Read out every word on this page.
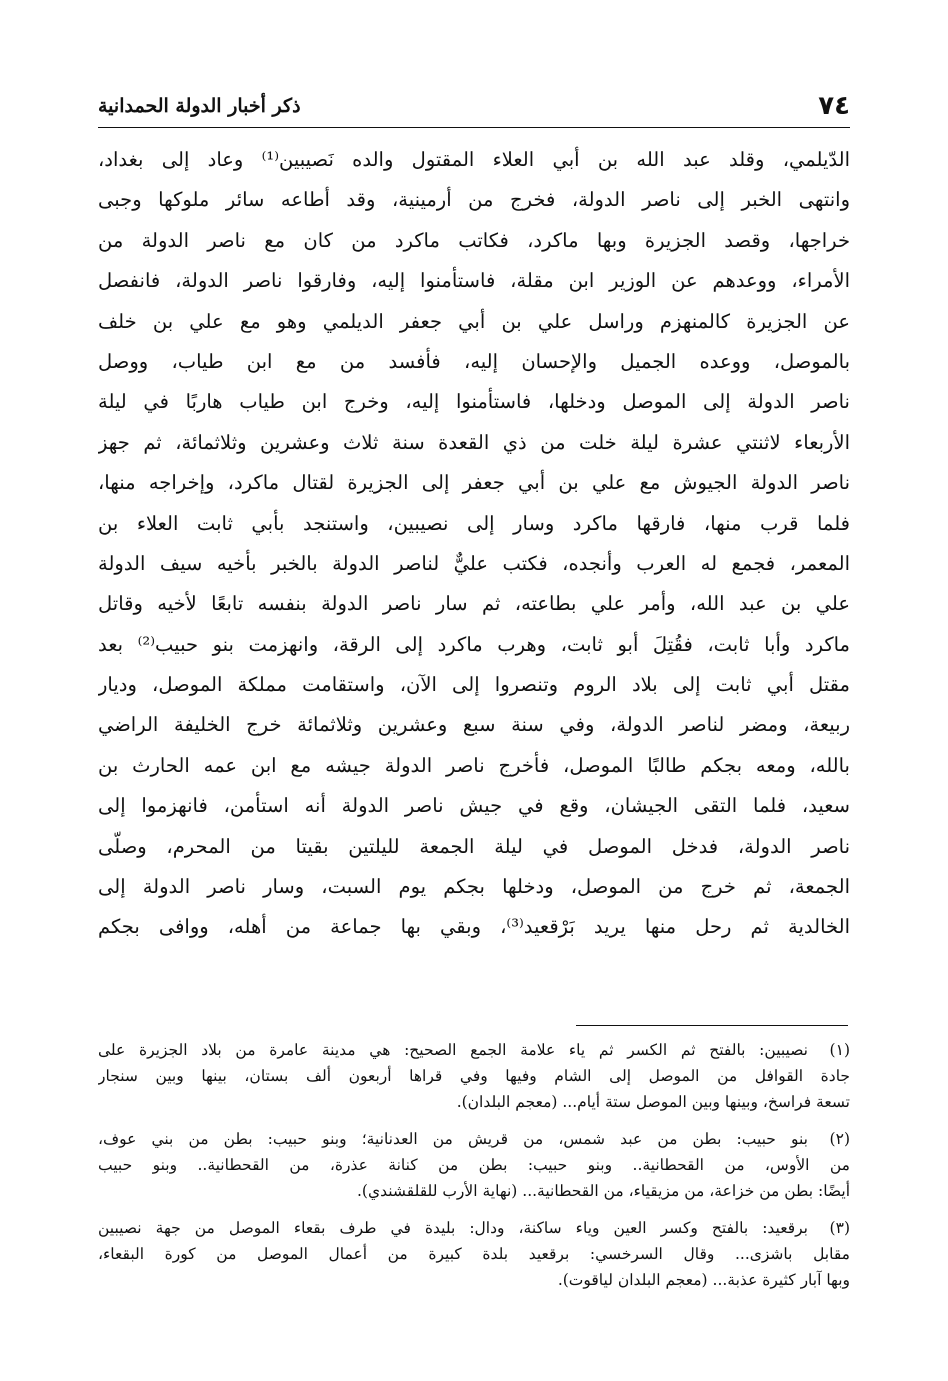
٧٤
ذكر أخبار الدولة الحمدانية
الدّيلمي، وقلد عبد الله بن أبي العلاء المقتول والده نَصيبين⁽¹⁾ وعاد إلى بغداد،
وانتهى الخبر إلى ناصر الدولة، فخرج من أرمينية، وقد أطاعه سائر ملوكها وجبى
خراجها، وقصد الجزيرة وبها ماكرد، فكاتب ماكرد من كان مع ناصر الدولة من
الأمراء، ووعدهم عن الوزير ابن مقلة، فاستأمنوا إليه، وفارقوا ناصر الدولة، فانفصل
عن الجزيرة كالمنهزم وراسل علي بن أبي جعفر الديلمي وهو مع علي بن خلف
بالموصل، ووعده الجميل والإحسان إليه، فأفسد من مع ابن طياب، ووصل
ناصر الدولة إلى الموصل ودخلها، فاستأمنوا إليه، وخرج ابن طياب هاربًا في ليلة
الأربعاء لاثنتي عشرة ليلة خلت من ذي القعدة سنة ثلاث وعشرين وثلاثمائة، ثم جهز
ناصر الدولة الجيوش مع علي بن أبي جعفر إلى الجزيرة لقتال ماكرد، وإخراجه منها،
فلما قرب منها، فارقها ماكرد وسار إلى نصيبين، واستنجد بأبي ثابت العلاء بن
المعمر، فجمع له العرب وأنجده، فكتب عليٌّ لناصر الدولة بالخبر بأخيه سيف الدولة
علي بن عبد الله، وأمر علي بطاعته، ثم سار ناصر الدولة بنفسه تابعًا لأخيه وقاتل
ماكرد وأبا ثابت، فقُتِلَ أبو ثابت، وهرب ماكرد إلى الرقة، وانهزمت بنو حبيب⁽²⁾ بعد
مقتل أبي ثابت إلى بلاد الروم وتنصروا إلى الآن، واستقامت مملكة الموصل، وديار
ربيعة، ومضر لناصر الدولة، وفي سنة سبع وعشرين وثلاثمائة خرج الخليفة الراضي
بالله، ومعه بجكم طالبًا الموصل، فأخرج ناصر الدولة جيشه مع ابن عمه الحارث بن
سعيد، فلما التقى الجيشان، وقع في جيش ناصر الدولة أنه استأمن، فانهزموا إلى
ناصر الدولة، فدخل الموصل في ليلة الجمعة لليلتين بقيتا من المحرم، وصلّى
الجمعة، ثم خرج من الموصل، ودخلها بجكم يوم السبت، وسار ناصر الدولة إلى
الخالدية ثم رحل منها يريد بَرْقعيد⁽³⁾، وبقي بها جماعة من أهله، ووافى بجكم
(١)
نصيبين: بالفتح ثم الكسر ثم ياء علامة الجمع الصحيح: هي مدينة عامرة من بلاد الجزيرة على
جادة القوافل من الموصل إلى الشام وفيها وفي قراها أربعون ألف بستان، بينها وبين سنجار
تسعة فراسخ، وبينها وبين الموصل ستة أيام... (معجم البلدان).
(٢)
بنو حبيب: بطن من عبد شمس، من قريش من العدنانية؛ وبنو حبيب: بطن من بني عوف،
من الأوس، من القحطانية.. وبنو حبيب: بطن من كنانة عذرة، من القحطانية.. وبنو حبيب
أيضًا: بطن من خزاعة، من مزيقياء، من القحطانية... (نهاية الأرب للقلقشندي).
(٣)
برقعيد: بالفتح وكسر العين وياء ساكنة، ودال: بليدة في طرف بقعاء الموصل من جهة نصيبين
مقابل باشزى... وقال السرخسي: برقعيد بلدة كبيرة من أعمال الموصل من كورة البقعاء،
وبها آبار كثيرة عذبة... (معجم البلدان لياقوت).
